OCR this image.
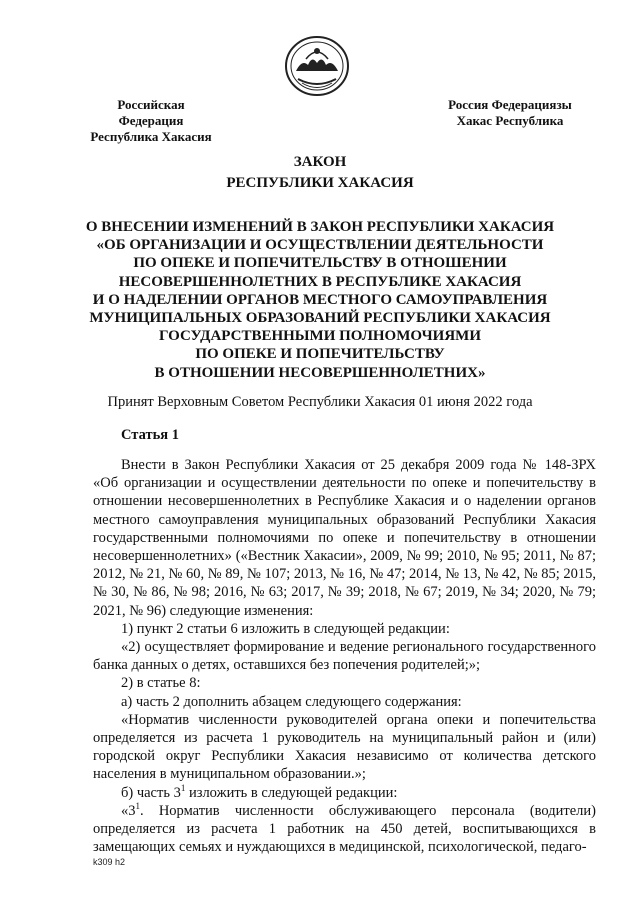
Российская Федерация
Республика Хакасия
Россия Федерациязы
Хакас Республика
ЗАКОН
РЕСПУБЛИКИ ХАКАСИЯ
О ВНЕСЕНИИ ИЗМЕНЕНИЙ В ЗАКОН РЕСПУБЛИКИ ХАКАСИЯ
«ОБ ОРГАНИЗАЦИИ И ОСУЩЕСТВЛЕНИИ ДЕЯТЕЛЬНОСТИ
ПО ОПЕКЕ И ПОПЕЧИТЕЛЬСТВУ В ОТНОШЕНИИ
НЕСОВЕРШЕННОЛЕТНИХ В РЕСПУБЛИКЕ ХАКАСИЯ
И О НАДЕЛЕНИИ ОРГАНОВ МЕСТНОГО САМОУПРАВЛЕНИЯ
МУНИЦИПАЛЬНЫХ ОБРАЗОВАНИЙ РЕСПУБЛИКИ ХАКАСИЯ
ГОСУДАРСТВЕННЫМИ ПОЛНОМОЧИЯМИ
ПО ОПЕКЕ И ПОПЕЧИТЕЛЬСТВУ
В ОТНОШЕНИИ НЕСОВЕРШЕННОЛЕТНИХ»
Принят Верховным Советом Республики Хакасия 01 июня 2022 года
Статья 1

Внести в Закон Республики Хакасия от 25 декабря 2009 года № 148-ЗРХ «Об организации и осуществлении деятельности по опеке и попечительству в отношении несовершеннолетних в Республике Хакасия и о наделении органов местного самоуправления муниципальных образований Республики Хакасия государственными полномочиями по опеке и попечительству в отношении несовершеннолетних» («Вестник Хакасии», 2009, № 99; 2010, № 95; 2011, № 87; 2012, № 21, № 60, № 89, № 107; 2013, № 16, № 47; 2014, № 13, № 42, № 85; 2015, № 30, № 86, № 98; 2016, № 63; 2017, № 39; 2018, № 67; 2019, № 34; 2020, № 79; 2021, № 96) следующие изменения:

1) пункт 2 статьи 6 изложить в следующей редакции:

«2) осуществляет формирование и ведение регионального государственного банка данных о детях, оставшихся без попечения родителей;»;

2) в статье 8:

а) часть 2 дополнить абзацем следующего содержания:

«Норматив численности руководителей органа опеки и попечительства определяется из расчета 1 руководитель на муниципальный район и (или) городской округ Республики Хакасия независимо от количества детского населения в муниципальном образовании.»;

б) часть $3^1$ изложить в следующей редакции:

«$3^1$. Норматив численности обслуживающего персонала (водители) определяется из расчета 1 работник на 450 детей, воспитывающихся в замещающих семьях и нуждающихся в медицинской, психологической, педаго-

k309 h2
